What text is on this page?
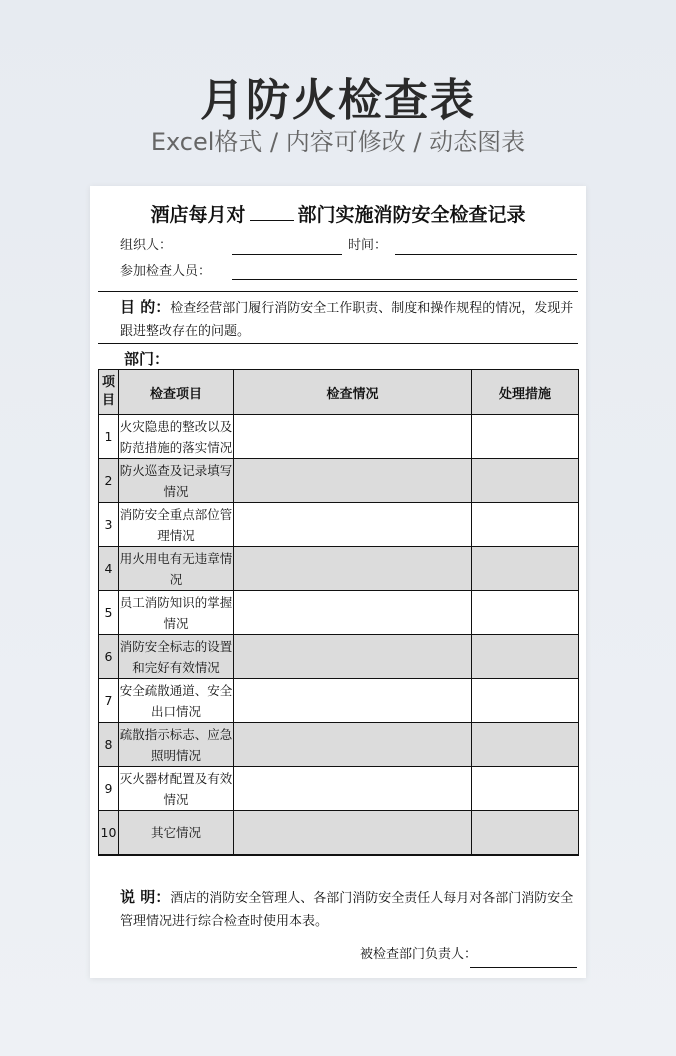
月防火检查表
Excel格式 / 内容可修改 / 动态图表
酒店每月对	部门实施消防安全检查记录
组织人：	时间：
参加检查人员：
目 的：检查经营部门履行消防安全工作职责、制度和操作规程的情况，发现并跟进整改存在的问题。
部门：
项目	检查项目	检查情况	处理措施
1	火灾隐患的整改以及防范措施的落实情况		
2	防火巡查及记录填写情况		
3	消防安全重点部位管理情况		
4	用火用电有无违章情况		
5	员工消防知识的掌握情况		
6	消防安全标志的设置和完好有效情况		
7	安全疏散通道、安全出口情况		
8	疏散指示标志、应急照明情况		
9	灭火器材配置及有效情况		
10	其它情况		
说 明：酒店的消防安全管理人、各部门消防安全责任人每月对各部门消防安全管理情况进行综合检查时使用本表。
被检查部门负责人：
